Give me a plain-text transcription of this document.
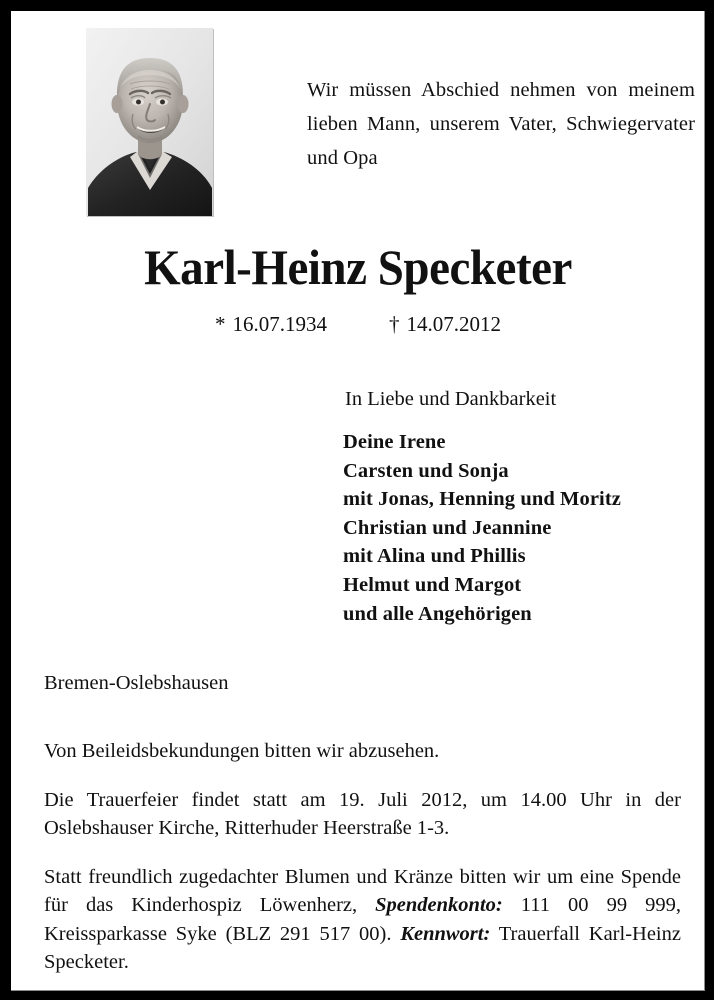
Wir müssen Abschied nehmen von meinem lieben Mann, unserem Vater, Schwiegervater und Opa
Karl-Heinz Specketer
* 16.07.1934	† 14.07.2012
In Liebe und Dankbarkeit
Deine Irene
Carsten und Sonja
mit Jonas, Henning und Moritz
Christian und Jeannine
mit Alina und Phillis
Helmut und Margot
und alle Angehörigen
Bremen-Oslebshausen

Von Beileidsbekundungen bitten wir abzusehen.

Die Trauerfeier findet statt am 19. Juli 2012, um 14.00 Uhr in der Oslebshauser Kirche, Ritterhuder Heerstraße 1-3.

Statt freundlich zugedachter Blumen und Kränze bitten wir um eine Spende für das Kinderhospiz Löwenherz, Spendenkonto: 111 00 99 999, Kreissparkasse Syke (BLZ 291 517 00). Kennwort: Trauerfall Karl-Heinz Specketer.
